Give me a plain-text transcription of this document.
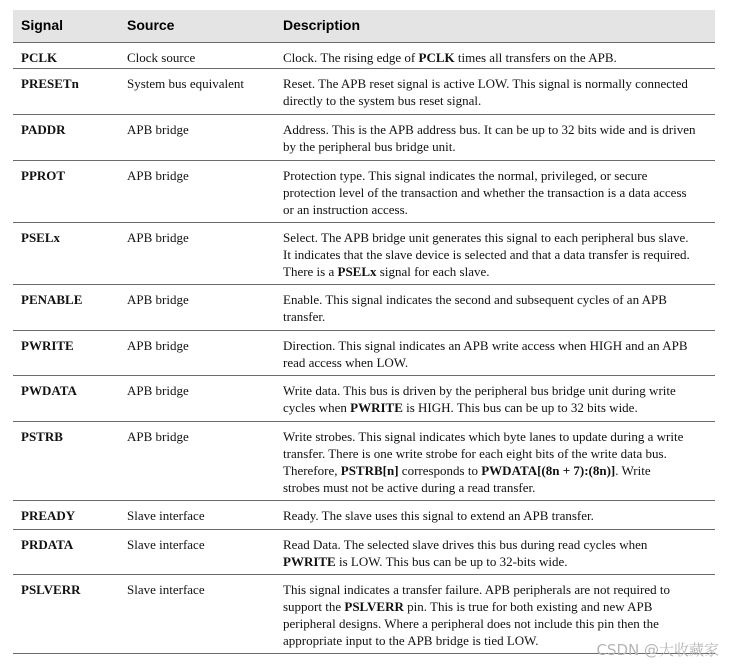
Signal	Source	Description
PCLK	Clock source	Clock. The rising edge of PCLK times all transfers on the APB.
PRESETn	System bus equivalent	Reset. The APB reset signal is active LOW. This signal is normally connected
directly to the system bus reset signal.
PADDR	APB bridge	Address. This is the APB address bus. It can be up to 32 bits wide and is driven
by the peripheral bus bridge unit.
PPROT	APB bridge	Protection type. This signal indicates the normal, privileged, or secure
protection level of the transaction and whether the transaction is a data access
or an instruction access.
PSELx	APB bridge	Select. The APB bridge unit generates this signal to each peripheral bus slave.
It indicates that the slave device is selected and that a data transfer is required.
There is a PSELx signal for each slave.
PENABLE	APB bridge	Enable. This signal indicates the second and subsequent cycles of an APB
transfer.
PWRITE	APB bridge	Direction. This signal indicates an APB write access when HIGH and an APB
read access when LOW.
PWDATA	APB bridge	Write data. This bus is driven by the peripheral bus bridge unit during write
cycles when PWRITE is HIGH. This bus can be up to 32 bits wide.
PSTRB	APB bridge	Write strobes. This signal indicates which byte lanes to update during a write
transfer. There is one write strobe for each eight bits of the write data bus.
Therefore, PSTRB[n] corresponds to PWDATA[(8n + 7):(8n)]. Write
strobes must not be active during a read transfer.
PREADY	Slave interface	Ready. The slave uses this signal to extend an APB transfer.
PRDATA	Slave interface	Read Data. The selected slave drives this bus during read cycles when
PWRITE is LOW. This bus can be up to 32-bits wide.
PSLVERR	Slave interface	This signal indicates a transfer failure. APB peripherals are not required to
support the PSLVERR pin. This is true for both existing and new APB
peripheral designs. Where a peripheral does not include this pin then the
appropriate input to the APB bridge is tied LOW.
CSDN @大收藏家
